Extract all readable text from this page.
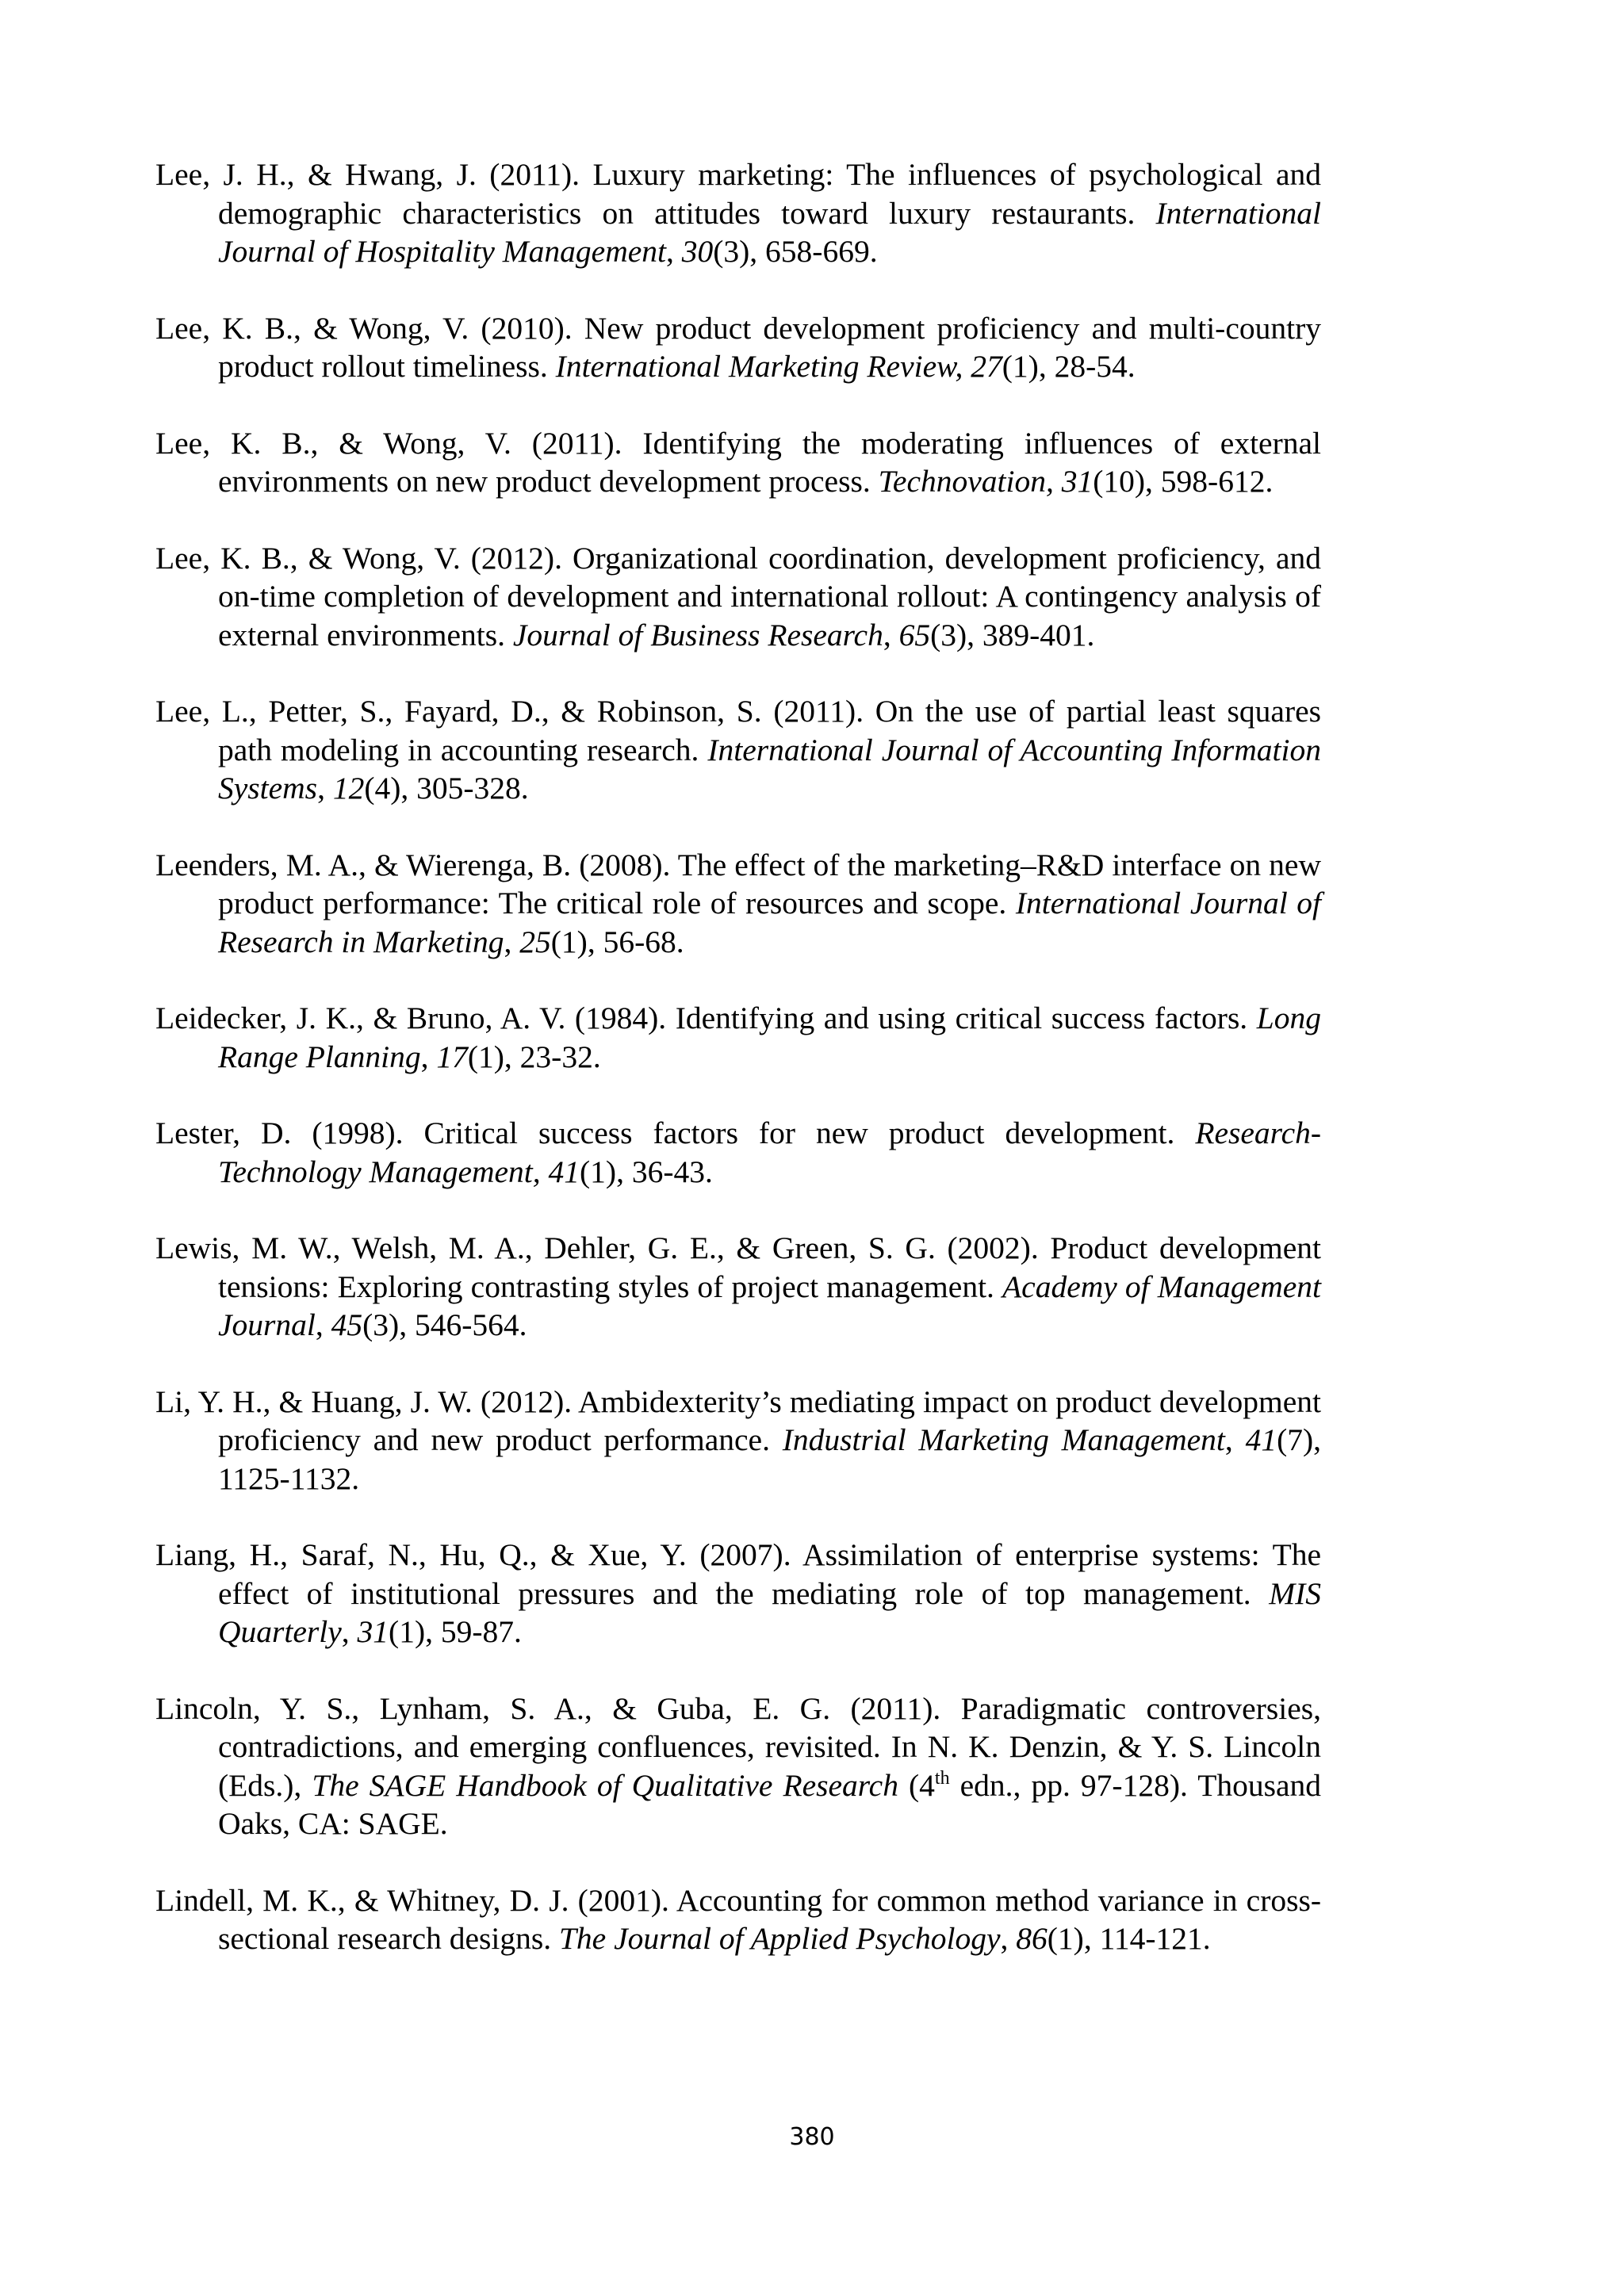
Lee, J. H., & Hwang, J. (2011). Luxury marketing: The influences of psychological and demographic characteristics on attitudes toward luxury restaurants. International Journal of Hospitality Management, 30(3), 658-669.
Lee, K. B., & Wong, V. (2010). New product development proficiency and multi-country product rollout timeliness. International Marketing Review, 27(1), 28-54.
Lee, K. B., & Wong, V. (2011). Identifying the moderating influences of external environments on new product development process. Technovation, 31(10), 598-612.
Lee, K. B., & Wong, V. (2012). Organizational coordination, development proficiency, and on-time completion of development and international rollout: A contingency analysis of external environments. Journal of Business Research, 65(3), 389-401.
Lee, L., Petter, S., Fayard, D., & Robinson, S. (2011). On the use of partial least squares path modeling in accounting research. International Journal of Accounting Information Systems, 12(4), 305-328.
Leenders, M. A., & Wierenga, B. (2008). The effect of the marketing–R&D interface on new product performance: The critical role of resources and scope. International Journal of Research in Marketing, 25(1), 56-68.
Leidecker, J. K., & Bruno, A. V. (1984). Identifying and using critical success factors. Long Range Planning, 17(1), 23-32.
Lester, D. (1998). Critical success factors for new product development. Research-Technology Management, 41(1), 36-43.
Lewis, M. W., Welsh, M. A., Dehler, G. E., & Green, S. G. (2002). Product development tensions: Exploring contrasting styles of project management. Academy of Management Journal, 45(3), 546-564.
Li, Y. H., & Huang, J. W. (2012). Ambidexterity’s mediating impact on product development proficiency and new product performance. Industrial Marketing Management, 41(7), 1125-1132.
Liang, H., Saraf, N., Hu, Q., & Xue, Y. (2007). Assimilation of enterprise systems: The effect of institutional pressures and the mediating role of top management. MIS Quarterly, 31(1), 59-87.
Lincoln, Y. S., Lynham, S. A., & Guba, E. G. (2011). Paradigmatic controversies, contradictions, and emerging confluences, revisited. In N. K. Denzin, & Y. S. Lincoln (Eds.), The SAGE Handbook of Qualitative Research (4th edn., pp. 97-128). Thousand Oaks, CA: SAGE.
Lindell, M. K., & Whitney, D. J. (2001). Accounting for common method variance in cross-sectional research designs. The Journal of Applied Psychology, 86(1), 114-121.
380
